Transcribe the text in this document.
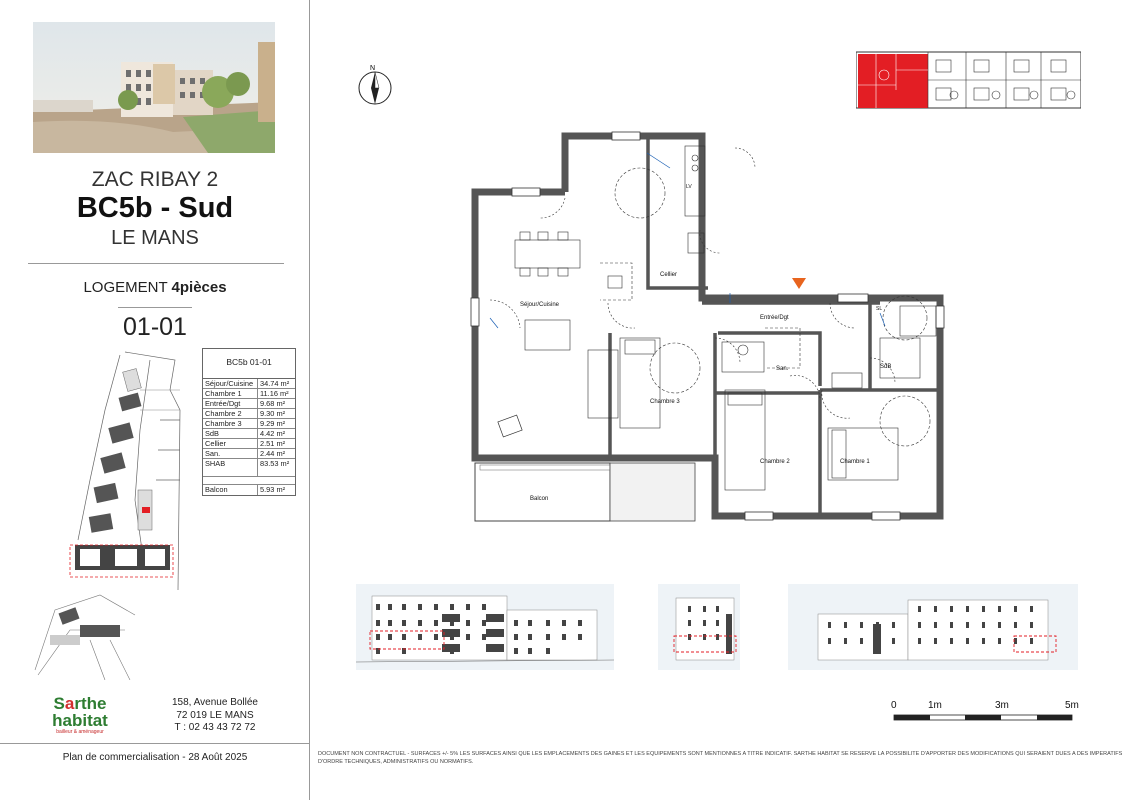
ZAC RIBAY 2
BC5b - Sud
LE MANS
LOGEMENT 4pièces
01-01
Sarthe
habitat
bailleur & aménageur
158, Avenue Bollée
72 019 LE MANS
T : 02 43 43 72 72
Plan de commercialisation - 28 Août 2025
BC5b 01-01
Séjour/Cuisine 34.74 m²
Chambre 1	11.16 m²
Entrée/Dgt	9.68 m²
Chambre 2	9.30 m²
Chambre 3	9.29 m²
SdB	4.42 m²
Cellier	2.51 m²
San.	2.44 m²
SHAB	83.53 m²
Balcon	5.93 m²
N
Séjour/Cuisine
Cellier
Entrée/Dgt
SdB
San.
Chambre 3
Chambre 2	Chambre 1
Balcon
LV
SL
0	1m	3m	5m
DOCUMENT NON CONTRACTUEL - SURFACES +/- 5% LES SURFACES AINSI QUE LES EMPLACEMENTS DES GAINES ET LES EQUIPEMENTS SONT MENTIONNES A TITRE INDICATIF. SARTHE HABITAT SE RESERVE LA POSSIBILITE D'APPORTER DES MODIFICATIONS QUI SERAIENT DUES A DES IMPERATIFS D'ORDRE TECHNIQUES, ADMINISTRATIFS OU NORMATIFS.
